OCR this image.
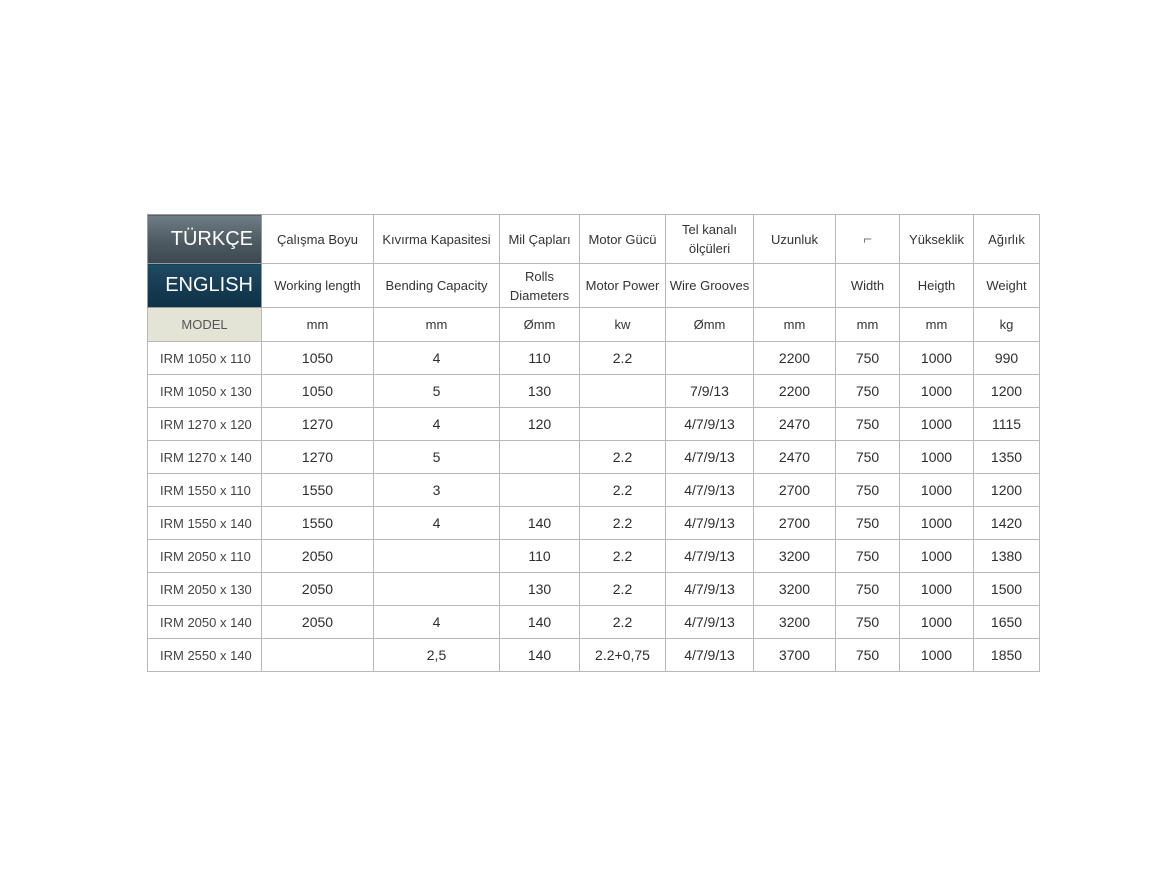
TÜRKÇE	Çalışma Boyu	Kıvırma Kapasitesi	Mil Çapları	Motor Gücü	Tel kanalı ölçüleri	Uzunluk	⌐	Yükseklik	Ağırlık
ENGLISH	Working length	Bending Capacity	Rolls Diameters	Motor Power	Wire Grooves		Width	Heigth	Weight
MODEL	mm	mm	Ømm	kw	Ømm	mm	mm	mm	kg
IRM 1050 x 110	1050	4	110	2.2		2200	750	1000	990
IRM 1050 x 130	1050	5	130		7/9/13	2200	750	1000	1200
IRM 1270 x 120	1270	4	120		4/7/9/13	2470	750	1000	1115
IRM 1270 x 140	1270	5		2.2	4/7/9/13	2470	750	1000	1350
IRM 1550 x 110	1550	3		2.2	4/7/9/13	2700	750	1000	1200
IRM 1550 x 140	1550	4	140	2.2	4/7/9/13	2700	750	1000	1420
IRM 2050 x 110	2050		110	2.2	4/7/9/13	3200	750	1000	1380
IRM 2050 x 130	2050		130	2.2	4/7/9/13	3200	750	1000	1500
IRM 2050 x 140	2050	4	140	2.2	4/7/9/13	3200	750	1000	1650
IRM 2550 x 140		2,5	140	2.2+0,75	4/7/9/13	3700	750	1000	1850
